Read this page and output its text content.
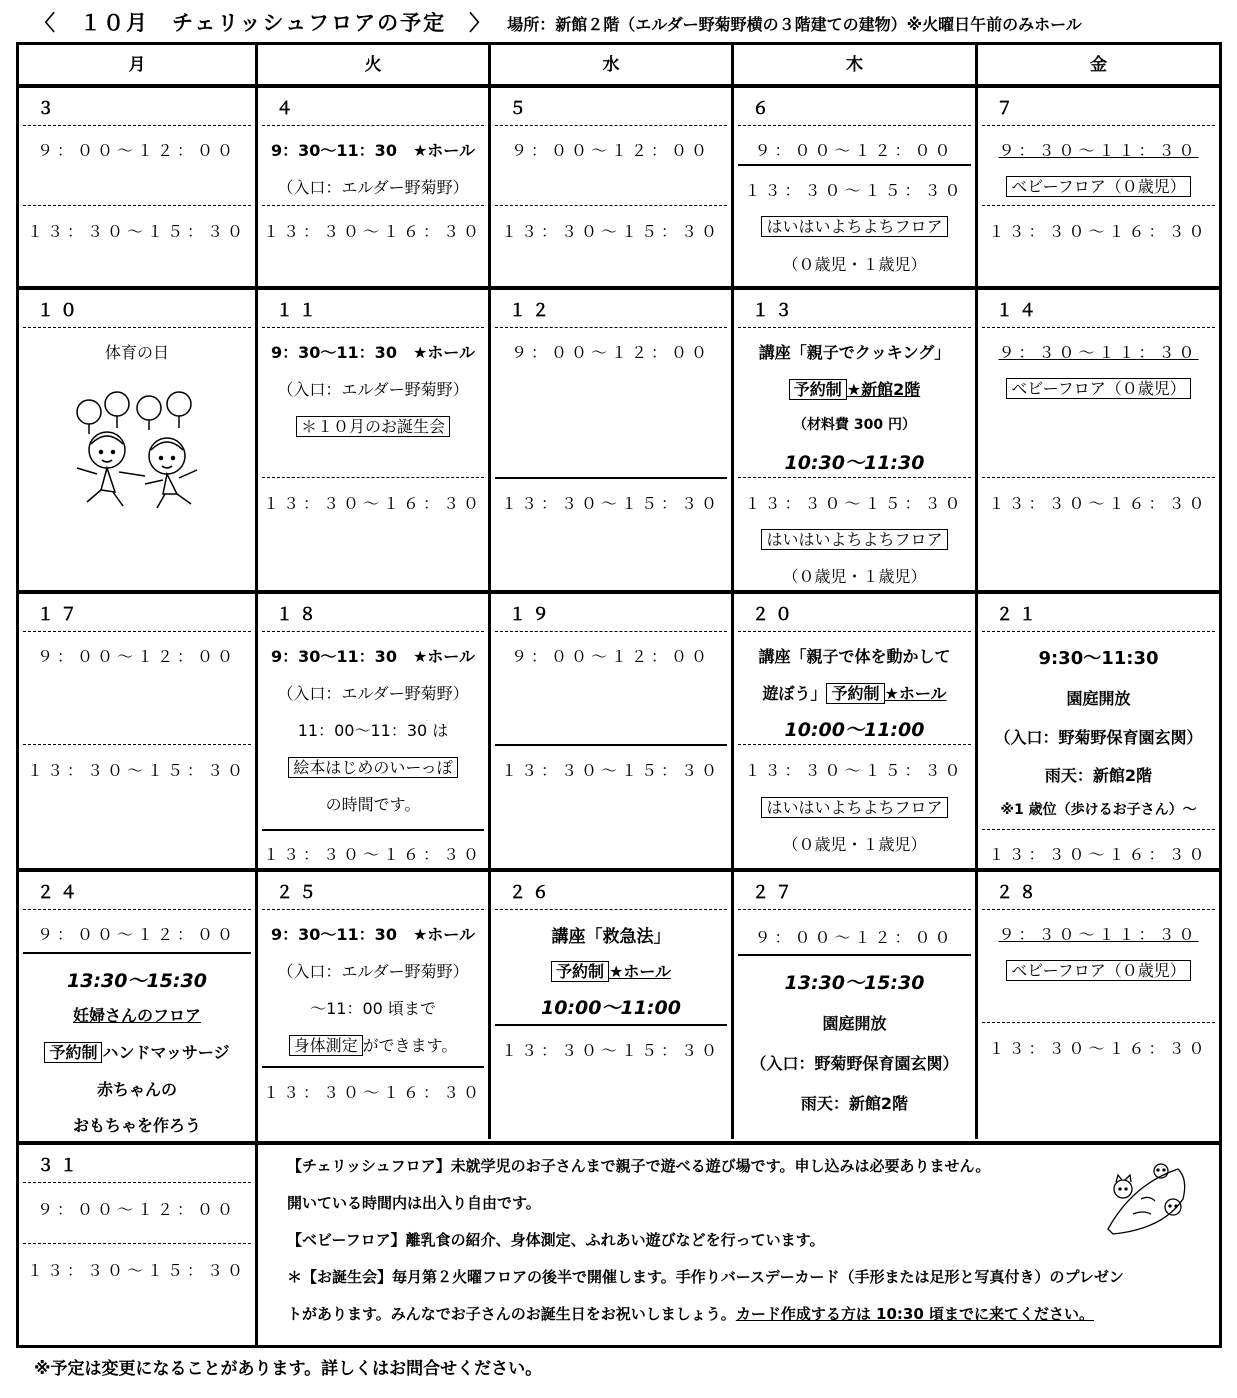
〈　１０月　チェリッシュフロアの予定　〉 場所：新館２階（エルダー野菊野横の３階建ての建物）※火曜日午前のみホール
月	火	水	木	金
３
９：００〜１２：００
１３：３０〜１５：３０
４
9：30〜11：30　★ホール
（入口：エルダー野菊野）
１３：３０〜１６：３０
５
９：００〜１２：００
１３：３０〜１５：３０
６
９：００〜１２：００
１３：３０〜１５：３０
はいはいよちよちフロア
（０歳児・１歳児）
７
９：３０〜１１：３０
ベビーフロア（０歳児）
１３：３０〜１６：３０
１０
体育の日
１１
9：30〜11：30　★ホール
（入口：エルダー野菊野）
＊１０月のお誕生会
１３：３０〜１６：３０
１２
９：００〜１２：００
１３：３０〜１５：３０
１３
講座「親子でクッキング」
予約制 ★新館2階
（材料費 300 円）
10:30〜11:30
１３：３０〜１５：３０
はいはいよちよちフロア
（０歳児・１歳児）
１４
９：３０〜１１：３０
ベビーフロア（０歳児）
１３：３０〜１６：３０
１７
９：００〜１２：００
１３：３０〜１５：３０
１８
9：30〜11：30　★ホール
（入口：エルダー野菊野）
11：00〜11：30 は
絵本はじめのいーっぽ
の時間です。
１３：３０〜１６：３０
１９
９：００〜１２：００
１３：３０〜１５：３０
２０
講座「親子で体を動かして
遊ぼう」 予約制 ★ホール
10:00〜11:00
１３：３０〜１５：３０
はいはいよちよちフロア
（０歳児・１歳児）
２１
9:30〜11:30
園庭開放
（入口：野菊野保育園玄関）
雨天：新館2階
※1 歳位（歩けるお子さん）〜
１３：３０〜１６：３０
２４
９：００〜１２：００
13:30〜15:30
妊婦さんのフロア
予約制 ハンドマッサージ
赤ちゃんの
おもちゃを作ろう
２５
9：30〜11：30　★ホール
（入口：エルダー野菊野）
〜11：00 頃まで
身体測定 ができます。
１３：３０〜１６：３０
２６
講座「救急法」
予約制 ★ホール
10:00〜11:00
１３：３０〜１５：３０
２７
９：００〜１２：００
13:30〜15:30
園庭開放
（入口：野菊野保育園玄関）
雨天：新館2階
２８
９：３０〜１１：３０
ベビーフロア（０歳児）
１３：３０〜１６：３０
３１
９：００〜１２：００
１３：３０〜１５：３０
【チェリッシュフロア】未就学児のお子さんまで親子で遊べる遊び場です。申し込みは必要ありません。
開いている時間内は出入り自由です。
【ベビーフロア】離乳食の紹介、身体測定、ふれあい遊びなどを行っています。
＊【お誕生会】毎月第２火曜フロアの後半で開催します。手作りバースデーカード（手形または足形と写真付き）のプレゼン
トがあります。みんなでお子さんのお誕生日をお祝いしましょう。カード作成する方は 10:30 頃までに来てください。
※予定は変更になることがあります。詳しくはお問合せください。
